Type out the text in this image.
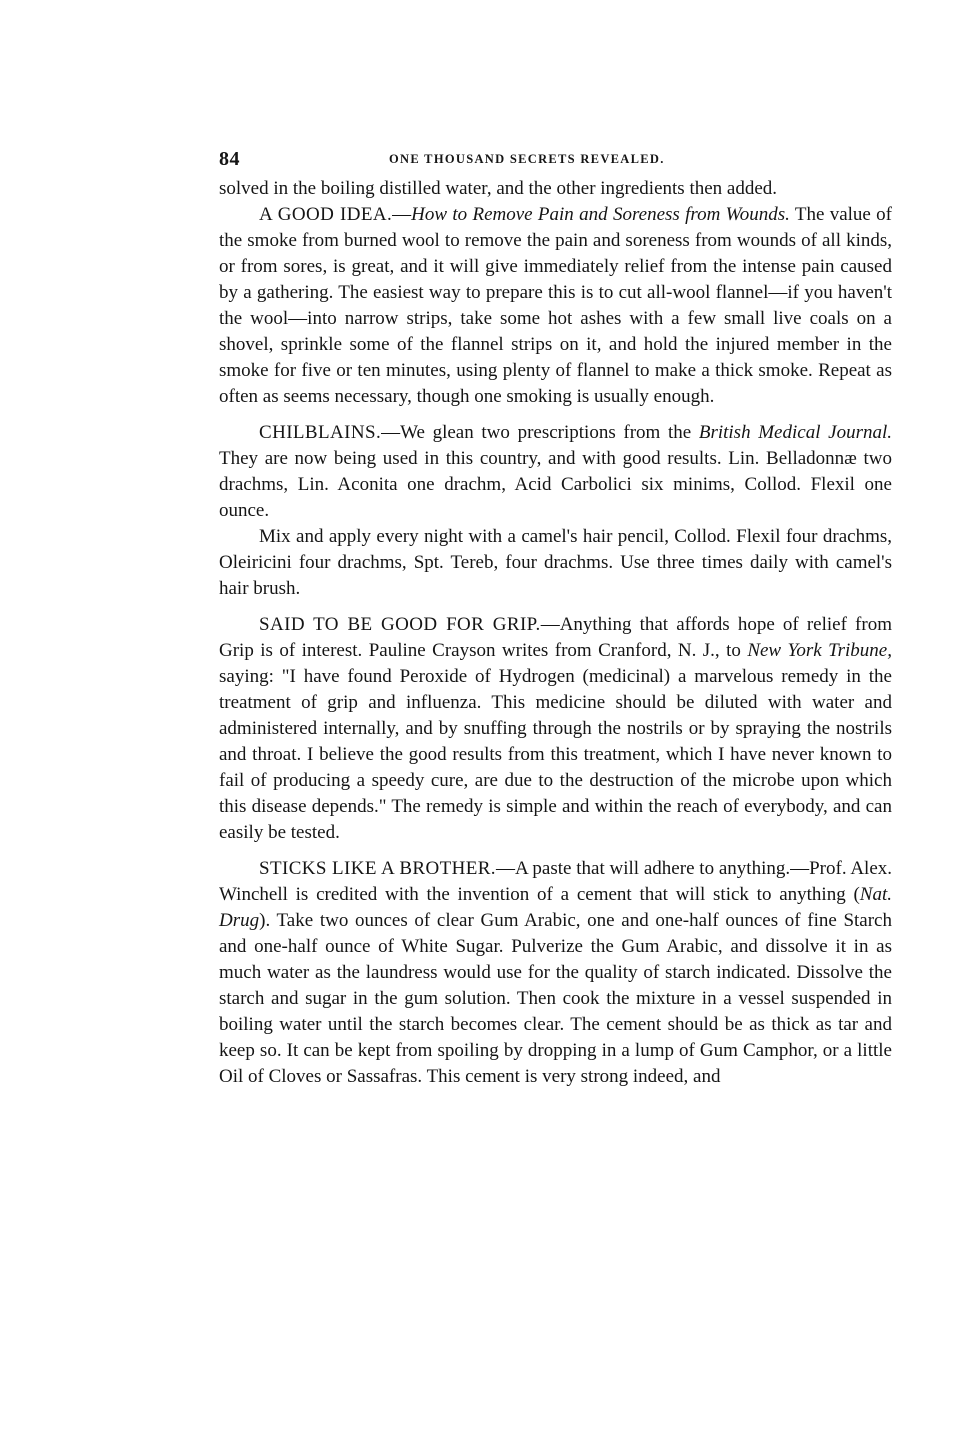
84	ONE THOUSAND SECRETS REVEALED.

solved in the boiling distilled water, and the other ingredients then added.

A GOOD IDEA.—How to Remove Pain and Soreness from Wounds. The value of the smoke from burned wool to remove the pain and soreness from wounds of all kinds, or from sores, is great, and it will give immediately relief from the intense pain caused by a gathering. The easiest way to prepare this is to cut all-wool flannel—if you haven't the wool—into narrow strips, take some hot ashes with a few small live coals on a shovel, sprinkle some of the flannel strips on it, and hold the injured member in the smoke for five or ten minutes, using plenty of flannel to make a thick smoke. Repeat as often as seems necessary, though one smoking is usually enough.

CHILBLAINS.—We glean two prescriptions from the British Medical Journal. They are now being used in this country, and with good results. Lin. Belladonnæ two drachms, Lin. Aconita one drachm, Acid Carbolici six minims, Collod. Flexil one ounce.

Mix and apply every night with a camel's hair pencil, Collod. Flexil four drachms, Oleiricini four drachms, Spt. Tereb, four drachms. Use three times daily with camel's hair brush.

SAID TO BE GOOD FOR GRIP.—Anything that affords hope of relief from Grip is of interest. Pauline Crayson writes from Cranford, N. J., to New York Tribune, saying: "I have found Peroxide of Hydrogen (medicinal) a marvelous remedy in the treatment of grip and influenza. This medicine should be diluted with water and administered internally, and by snuffing through the nostrils or by spraying the nostrils and throat. I believe the good results from this treatment, which I have never known to fail of producing a speedy cure, are due to the destruction of the microbe upon which this disease depends." The remedy is simple and within the reach of everybody, and can easily be tested.

STICKS LIKE A BROTHER.—A paste that will adhere to anything.—Prof. Alex. Winchell is credited with the invention of a cement that will stick to anything (Nat. Drug). Take two ounces of clear Gum Arabic, one and one-half ounces of fine Starch and one-half ounce of White Sugar. Pulverize the Gum Arabic, and dissolve it in as much water as the laundress would use for the quality of starch indicated. Dissolve the starch and sugar in the gum solution. Then cook the mixture in a vessel suspended in boiling water until the starch becomes clear. The cement should be as thick as tar and keep so. It can be kept from spoiling by dropping in a lump of Gum Camphor, or a little Oil of Cloves or Sassafras. This cement is very strong indeed, and
